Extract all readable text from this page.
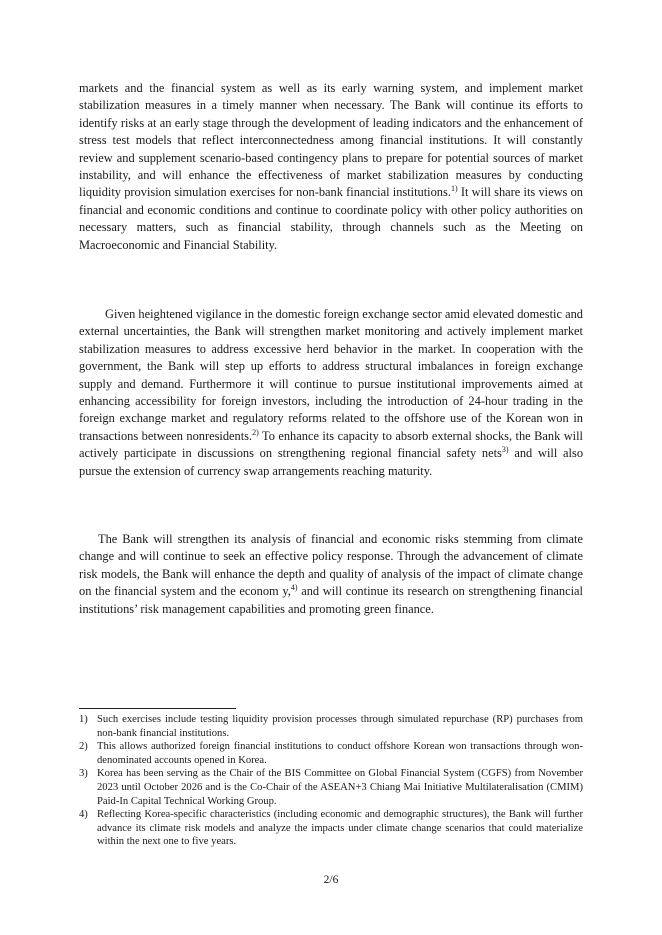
markets and the financial system as well as its early warning system, and implement market stabilization measures in a timely manner when necessary. The Bank will continue its efforts to identify risks at an early stage through the development of leading indicators and the enhancement of stress test models that reflect interconnectedness among financial institutions. It will constantly review and supplement scenario-based contingency plans to prepare for potential sources of market instability, and will enhance the effectiveness of market stabilization measures by conducting liquidity provision simulation exercises for non-bank financial institutions.$^{1)}$ It will share its views on financial and economic conditions and continue to coordinate policy with other policy authorities on necessary matters, such as financial stability, through channels such as the Meeting on Macroeconomic and Financial Stability.

Given heightened vigilance in the domestic foreign exchange sector amid elevated domestic and external uncertainties, the Bank will strengthen market monitoring and actively implement market stabilization measures to address excessive herd behavior in the market. In cooperation with the government, the Bank will step up efforts to address structural imbalances in foreign exchange supply and demand. Furthermore it will continue to pursue institutional improvements aimed at enhancing accessibility for foreign investors, including the introduction of 24-hour trading in the foreign exchange market and regulatory reforms related to the offshore use of the Korean won in transactions between nonresidents.$^{2)}$ To enhance its capacity to absorb external shocks, the Bank will actively participate in discussions on strengthening regional financial safety nets$^{3)}$ and will also pursue the extension of currency swap arrangements reaching maturity.

The Bank will strengthen its analysis of financial and economic risks stemming from climate change and will continue to seek an effective policy response. Through the advancement of climate risk models, the Bank will enhance the depth and quality of analysis of the impact of climate change on the financial system and the econom y,$^{4)}$ and will continue its research on strengthening financial institutions’ risk management capabilities and promoting green finance.

1) Such exercises include testing liquidity provision processes through simulated repurchase (RP) purchases from non-bank financial institutions.
2) This allows authorized foreign financial institutions to conduct offshore Korean won transactions through won-denominated accounts opened in Korea.
3) Korea has been serving as the Chair of the BIS Committee on Global Financial System (CGFS) from November 2023 until October 2026 and is the Co-Chair of the ASEAN+3 Chiang Mai Initiative Multilateralisation (CMIM) Paid-In Capital Technical Working Group.
4) Reflecting Korea-specific characteristics (including economic and demographic structures), the Bank will further advance its climate risk models and analyze the impacts under climate change scenarios that could materialize within the next one to five years.
2/6
